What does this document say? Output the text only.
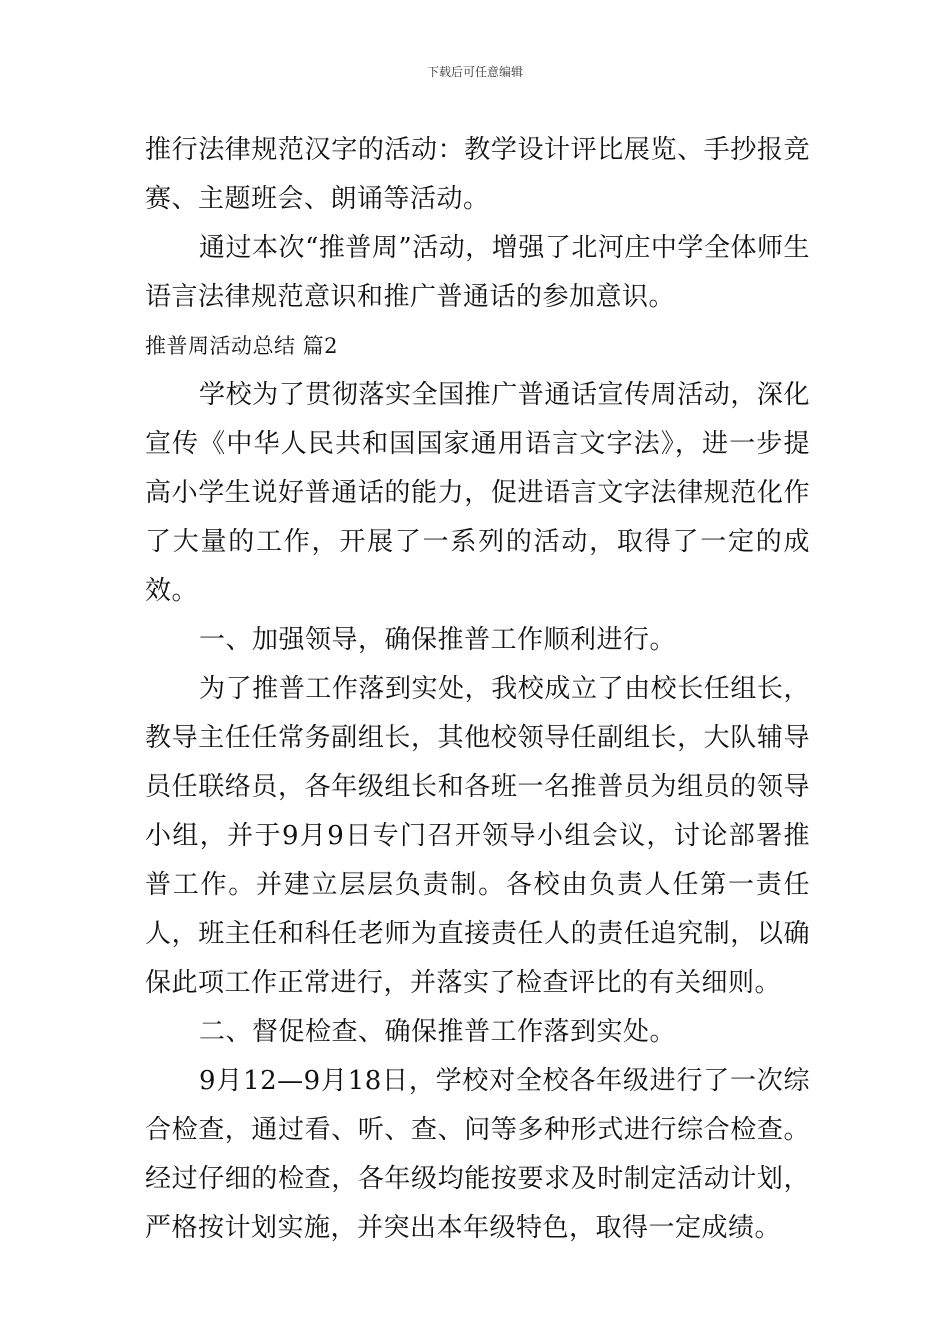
下载后可任意编辑

推行法律规范汉字的活动：教学设计评比展览、手抄报竞赛、主题班会、朗诵等活动。

通过本次“推普周”活动，增强了北河庄中学全体师生语言法律规范意识和推广普通话的参加意识。

推普周活动总结 篇2

学校为了贯彻落实全国推广普通话宣传周活动，深化宣传《中华人民共和国国家通用语言文字法》，进一步提高小学生说好普通话的能力，促进语言文字法律规范化作了大量的工作，开展了一系列的活动，取得了一定的成效。

一、加强领导，确保推普工作顺利进行。

为了推普工作落到实处，我校成立了由校长任组长，教导主任任常务副组长，其他校领导任副组长，大队辅导员任联络员，各年级组长和各班一名推普员为组员的领导小组，并于9月9日专门召开领导小组会议，讨论部署推普工作。并建立层层负责制。各校由负责人任第一责任人，班主任和科任老师为直接责任人的责任追究制，以确保此项工作正常进行，并落实了检查评比的有关细则。

二、督促检查、确保推普工作落到实处。

9月12—9月18日，学校对全校各年级进行了一次综合检查，通过看、听、查、问等多种形式进行综合检查。经过仔细的检查，各年级均能按要求及时制定活动计划，严格按计划实施，并突出本年级特色，取得一定成绩。
